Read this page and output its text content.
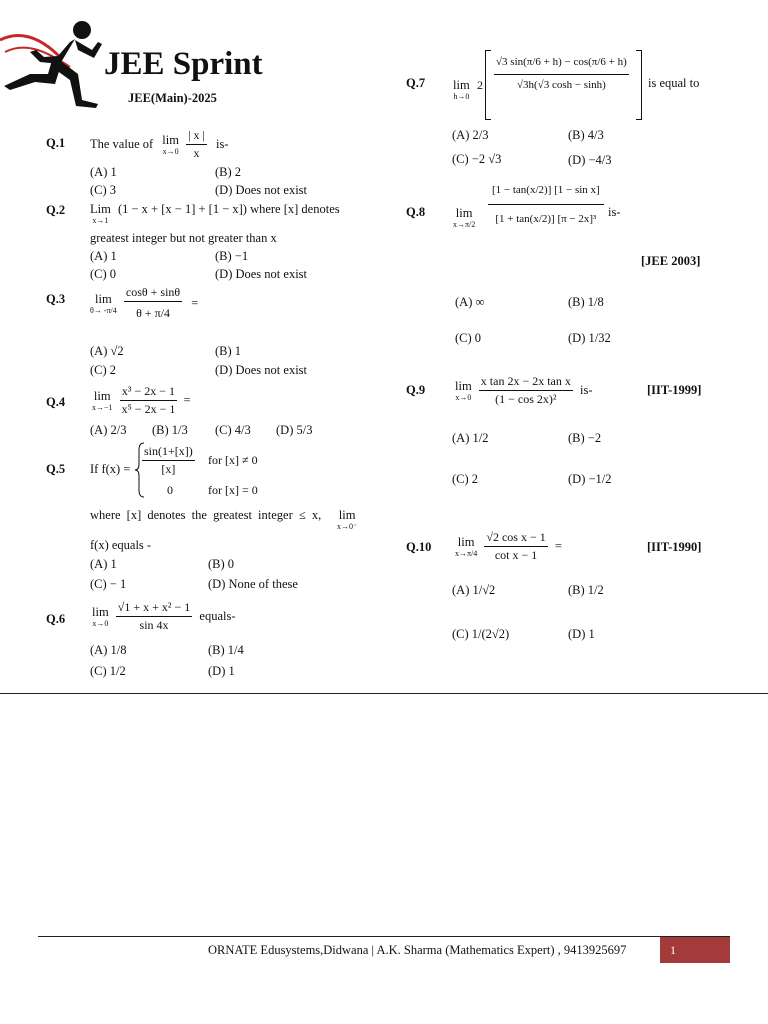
JEE Sprint
JEE(Main)-2025
Q.1 The value of lim
x→0
$\frac{| x |}{x} is-$
(A) 1	(B) 2
(C) 3	(D) Does not exist
Q.2 Lim
x→1
(1 − x + [x − 1] + [1 − x]) where [x] denotes
greatest integer but not greater than x
(A) 1	(B) −1
(C) 0	(D) Does not exist
Q.3 lim
θ→ -π/4
$\frac{\cos\theta + \sin\theta}{\theta + \pi/4}$ =
(A) √2	(B) 1
(C) 2	(D) Does not exist
Q.4 lim
x→−1
$\frac{\text{x³ − 2x − 1}}{\text{x⁵ − 2x − 1}}$ =
(A) 2/3 (B) 1/3 (C) 4/3 (D) 5/3
Q.5 If $f(x) = \frac{\sin(1+[x])}{[x]}$ for [x] ≠ 0
0	for [x] = 0
where [x] denotes the greatest integer ≤ x, lim
x→0⁻
f(x) equals -
(A) 1	(B) 0
(C) − 1	(D) None of these
Q.6 lim
x→0
$\frac{\text{√1 + x + x² − 1}}{\sin 4x}$ equals-
(A) 1/8	(B) 1/4
(C) 1/2	(D) 1
Q.7 lim
h→0
$2 \frac{√3 \sin(\pi/6 + h) - \cos(\pi/6 + h)}{√3h(√3 \cosh - \sinh)}$ is equal to
(A) 2/3	(B) 4/3
(C) −2 √3	(D) −4/3
Q.8 lim
$x\to\pi/2 \frac{\text{[1 − tan(x/2)] [1 − sin x]}}{\text{[1 + tan(x/2)] [π − 2x]³}} is-$
[JEE 2003]
(A) ∞	(B) 1/8
(C) 0	(D) 1/32
Q.9 lim
x→0
$\frac{\text{x tan 2x − 2x tan x}}{\text{(1 − cos 2x)²}} is-$	[IIT-1999]
(A) 1/2	(B) −2
(C) 2	(D) −1/2
Q.10 lim
x→π/4
$\frac{\text{√2 cos x − 1}}{\text{cot x − 1}}$ =	[IIT-1990]
(A) 1/√2	(B) 1/2
(C) 1/(2√2)	(D) 1
ORNATE Edusystems,Didwana | A.K. Sharma (Mathematics Expert) , 9413925697	1
